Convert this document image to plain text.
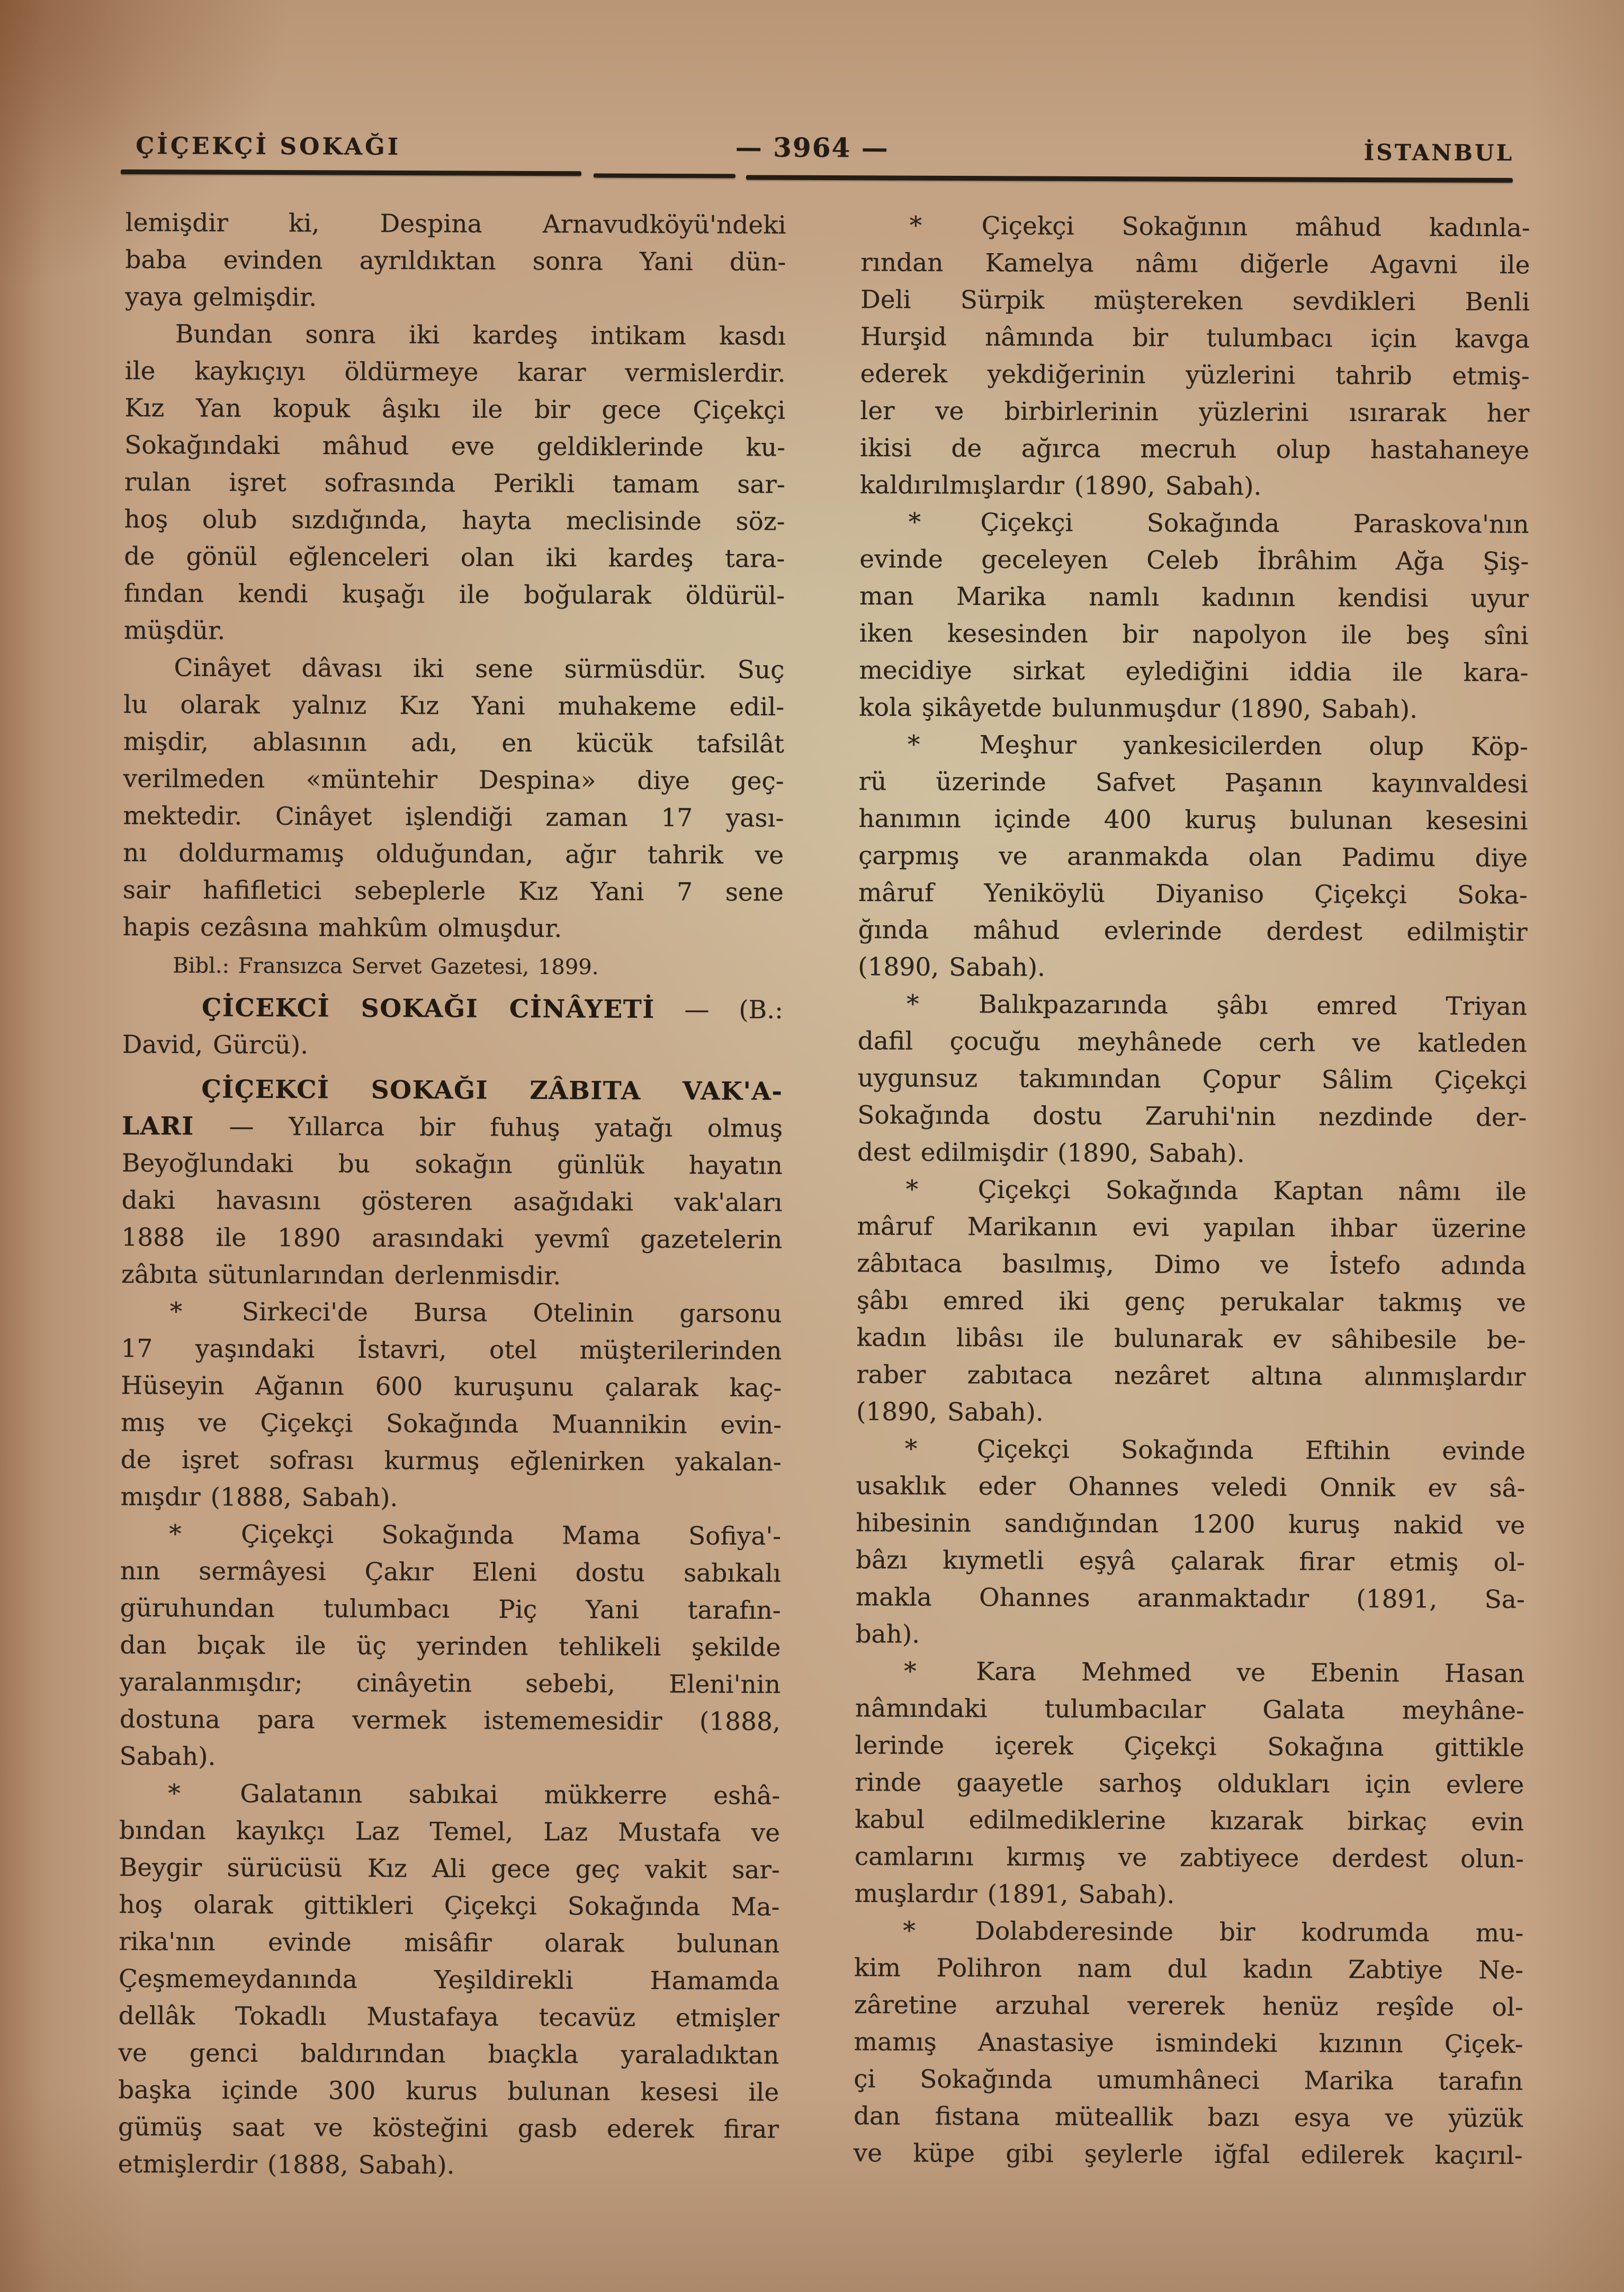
ÇİÇEKÇİ SOKAĞI	— 3964 —	İSTANBUL
lemişdir ki, Despina Arnavudköyü'ndeki
baba evinden ayrıldıktan sonra Yani dün-
yaya gelmişdir.
Bundan sonra iki kardeş intikam kasdı
ile kaykıçıyı öldürmeye karar vermislerdir.
Kız Yan kopuk âşıkı ile bir gece Çiçekçi
Sokağındaki mâhud eve geldiklerinde ku-
rulan işret sofrasında Perikli tamam sar-
hoş olub sızdığında, hayta meclisinde söz-
de gönül eğlenceleri olan iki kardeş tara-
fından kendi kuşağı ile boğularak öldürül-
müşdür.
Cinâyet dâvası iki sene sürmüsdür. Suç
lu olarak yalnız Kız Yani muhakeme edil-
mişdir, ablasının adı, en kücük tafsilât
verilmeden «müntehir Despina» diye geç-
mektedir. Cinâyet işlendiği zaman 17 yası-
nı doldurmamış olduğundan, ağır tahrik ve
sair hafifletici sebeplerle Kız Yani 7 sene
hapis cezâsına mahkûm olmuşdur.
Bibl.: Fransızca Servet Gazetesi, 1899.
ÇİCEKCİ SOKAĞI CİNÂYETİ — (B.:
David, Gürcü).
ÇİÇEKCİ SOKAĞI ZÂBITA VAK'A-
LARI — Yıllarca bir fuhuş yatağı olmuş
Beyoğlundaki bu sokağın günlük hayatın
daki havasını gösteren asağıdaki vak'aları
1888 ile 1890 arasındaki yevmî gazetelerin
zâbıta sütunlarından derlenmisdir.
* Sirkeci'de Bursa Otelinin garsonu
17 yaşındaki İstavri, otel müşterilerinden
Hüseyin Ağanın 600 kuruşunu çalarak kaç-
mış ve Çiçekçi Sokağında Muannikin evin-
de işret sofrası kurmuş eğlenirken yakalan-
mışdır (1888, Sabah).
* Çiçekçi Sokağında Mama Sofiya'-
nın sermâyesi Çakır Eleni dostu sabıkalı
güruhundan tulumbacı Piç Yani tarafın-
dan bıçak ile üç yerinden tehlikeli şekilde
yaralanmışdır; cinâyetin sebebi, Eleni'nin
dostuna para vermek istememesidir (1888,
Sabah).
* Galatanın sabıkai mükkerre eshâ-
bından kayıkçı Laz Temel, Laz Mustafa ve
Beygir sürücüsü Kız Ali gece geç vakit sar-
hoş olarak gittikleri Çiçekçi Sokağında Ma-
rika'nın evinde misâfir olarak bulunan
Çeşmemeydanında Yeşildirekli Hamamda
dellâk Tokadlı Mustafaya tecavüz etmişler
ve genci baldırından bıaçkla yaraladıktan
başka içinde 300 kurus bulunan kesesi ile
gümüş saat ve kösteğini gasb ederek firar
etmişlerdir (1888, Sabah).
* Çiçekçi Sokağının mâhud kadınla-
rından Kamelya nâmı diğerle Agavni ile
Deli Sürpik müştereken sevdikleri Benli
Hurşid nâmında bir tulumbacı için kavga
ederek yekdiğerinin yüzlerini tahrib etmiş-
ler ve birbirlerinin yüzlerini ısırarak her
ikisi de ağırca mecruh olup hastahaneye
kaldırılmışlardır (1890, Sabah).
* Çiçekçi Sokağında Paraskova'nın
evinde geceleyen Celeb İbrâhim Ağa Şiş-
man Marika namlı kadının kendisi uyur
iken kesesinden bir napolyon ile beş sîni
mecidiye sirkat eylediğini iddia ile kara-
kola şikâyetde bulunmuşdur (1890, Sabah).
* Meşhur yankesicilerden olup Köp-
rü üzerinde Safvet Paşanın kayınvaldesi
hanımın içinde 400 kuruş bulunan kesesini
çarpmış ve aranmakda olan Padimu diye
mâruf Yeniköylü Diyaniso Çiçekçi Soka-
ğında mâhud evlerinde derdest edilmiştir
(1890, Sabah).
* Balıkpazarında şâbı emred Triyan
dafil çocuğu meyhânede cerh ve katleden
uygunsuz takımından Çopur Sâlim Çiçekçi
Sokağında dostu Zaruhi'nin nezdinde der-
dest edilmişdir (1890, Sabah).
* Çiçekçi Sokağında Kaptan nâmı ile
mâruf Marikanın evi yapılan ihbar üzerine
zâbıtaca basılmış, Dimo ve İstefo adında
şâbı emred iki genç perukalar takmış ve
kadın libâsı ile bulunarak ev sâhibesile be-
raber zabıtaca nezâret altına alınmışlardır
(1890, Sabah).
* Çiçekçi Sokağında Eftihin evinde
usaklık eder Ohannes veledi Onnik ev sâ-
hibesinin sandığından 1200 kuruş nakid ve
bâzı kıymetli eşyâ çalarak firar etmiş ol-
makla Ohannes aranmaktadır (1891, Sa-
bah).
* Kara Mehmed ve Ebenin Hasan
nâmındaki tulumbacılar Galata meyhâne-
lerinde içerek Çiçekçi Sokağına gittikle
rinde gaayetle sarhoş oldukları için evlere
kabul edilmediklerine kızarak birkaç evin
camlarını kırmış ve zabtiyece derdest olun-
muşlardır (1891, Sabah).
* Dolabderesinde bir kodrumda mu-
kim Polihron nam dul kadın Zabtiye Ne-
zâretine arzuhal vererek henüz reşîde ol-
mamış Anastasiye ismindeki kızının Çiçek-
çi Sokağında umumhâneci Marika tarafın
dan fistana müteallik bazı esya ve yüzük
ve küpe gibi şeylerle iğfal edilerek kaçırıl-
